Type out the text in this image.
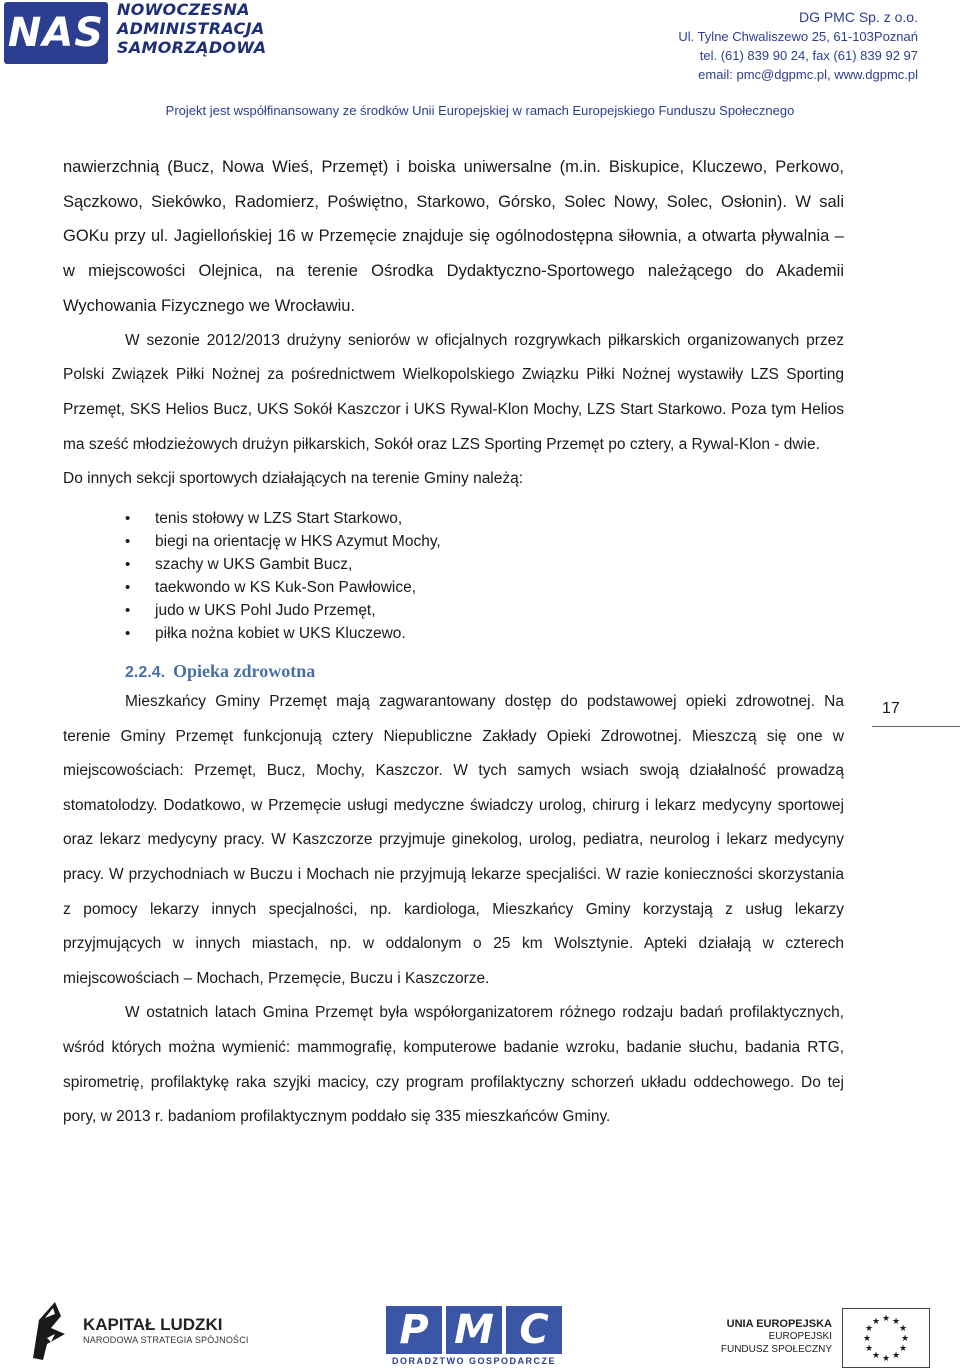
NAS
NOWOCZESNA
ADMINISTRACJA
SAMORZĄDOWA
DG PMC Sp. z o.o.
Ul. Tylne Chwaliszewo 25, 61-103Poznań
tel. (61) 839 90 24, fax (61) 839 92 97
email: pmc@dgpmc.pl, www.dgpmc.pl
Projekt jest współfinansowany ze środków Unii Europejskiej w ramach Europejskiego Funduszu Społecznego

nawierzchnią (Bucz, Nowa Wieś, Przemęt) i boiska uniwersalne (m.in. Biskupice, Kluczewo, Perkowo, Sączkowo, Siekówko, Radomierz, Poświętno, Starkowo, Górsko, Solec Nowy, Solec, Osłonin). W sali GOKu przy ul. Jagiellońskiej 16 w Przemęcie znajduje się ogólnodostępna siłownia, a otwarta pływalnia – w miejscowości Olejnica, na terenie Ośrodka Dydaktyczno-Sportowego należącego do Akademii Wychowania Fizycznego we Wrocławiu.

W sezonie 2012/2013 drużyny seniorów w oficjalnych rozgrywkach piłkarskich organizowanych przez Polski Związek Piłki Nożnej za pośrednictwem Wielkopolskiego Związku Piłki Nożnej wystawiły LZS Sporting Przemęt, SKS Helios Bucz, UKS Sokół Kaszczor i UKS Rywal-Klon Mochy, LZS Start Starkowo. Poza tym Helios ma sześć młodzieżowych drużyn piłkarskich, Sokół oraz LZS Sporting Przemęt po cztery, a Rywal-Klon - dwie.

Do innych sekcji sportowych działających na terenie Gminy należą:

• tenis stołowy w LZS Start Starkowo,
• biegi na orientację w HKS Azymut Mochy,
• szachy w UKS Gambit Bucz,
• taekwondo w KS Kuk-Son Pawłowice,
• judo w UKS Pohl Judo Przemęt,
• piłka nożna kobiet w UKS Kluczewo.
2.2.4. Opieka zdrowotna

Mieszkańcy Gminy Przemęt mają zagwarantowany dostęp do podstawowej opieki zdrowotnej. Na terenie Gminy Przemęt funkcjonują cztery Niepubliczne Zakłady Opieki Zdrowotnej. Mieszczą się one w miejscowościach: Przemęt, Bucz, Mochy, Kaszczor. W tych samych wsiach swoją działalność prowadzą stomatolodzy. Dodatkowo, w Przemęcie usługi medyczne świadczy urolog, chirurg i lekarz medycyny sportowej oraz lekarz medycyny pracy. W Kaszczorze przyjmuje ginekolog, urolog, pediatra, neurolog i lekarz medycyny pracy. W przychodniach w Buczu i Mochach nie przyjmują lekarze specjaliści. W razie konieczności skorzystania z pomocy lekarzy innych specjalności, np. kardiologa, Mieszkańcy Gminy korzystają z usług lekarzy przyjmujących w innych miastach, np. w oddalonym o 25 km Wolsztynie. Apteki działają w czterech miejscowościach – Mochach, Przemęcie, Buczu i Kaszczorze.

W ostatnich latach Gmina Przemęt była współorganizatorem różnego rodzaju badań profilaktycznych, wśród których można wymienić: mammografię, komputerowe badanie wzroku, badanie słuchu, badania RTG, spirometrię, profilaktykę raka szyjki macicy, czy program profilaktyczny schorzeń układu oddechowego. Do tej pory, w 2013 r. badaniom profilaktycznym poddało się 335 mieszkańców Gminy.

17
KAPITAŁ LUDZKI
NARODOWA STRATEGIA SPÓJNOŚCI	P M C
DORADZTWO GOSPODARCZE
UNIA EUROPEJSKA
EUROPEJSKI
FUNDUSZ SPOŁECZNY
★ ★
★
★
★
★
★
★
★
★
★
★
